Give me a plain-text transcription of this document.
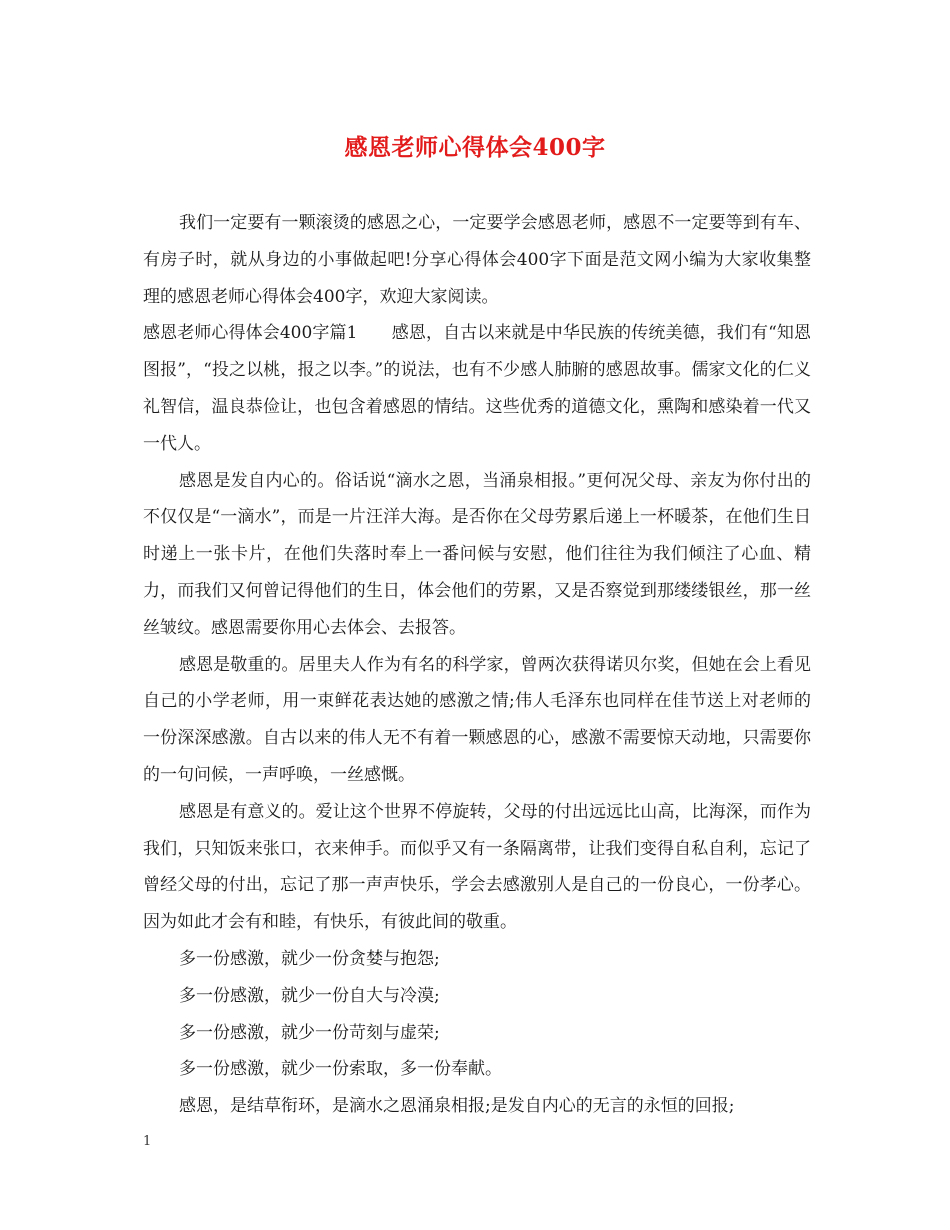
感恩老师心得体会400字

我们一定要有一颗滚烫的感恩之心，一定要学会感恩老师，感恩不一定要等到有车、有房子时，就从身边的小事做起吧!分享心得体会400字下面是范文网小编为大家收集整理的感恩老师心得体会400字，欢迎大家阅读。

感恩老师心得体会400字篇1　　感恩，自古以来就是中华民族的传统美德，我们有“知恩图报”，“投之以桃，报之以李。”的说法，也有不少感人肺腑的感恩故事。儒家文化的仁义礼智信，温良恭俭让，也包含着感恩的情结。这些优秀的道德文化，熏陶和感染着一代又一代人。

感恩是发自内心的。俗话说“滴水之恩，当涌泉相报。”更何况父母、亲友为你付出的不仅仅是“一滴水”，而是一片汪洋大海。是否你在父母劳累后递上一杯暖茶，在他们生日时递上一张卡片，在他们失落时奉上一番问候与安慰，他们往往为我们倾注了心血、精力，而我们又何曾记得他们的生日，体会他们的劳累，又是否察觉到那缕缕银丝，那一丝丝皱纹。感恩需要你用心去体会、去报答。

感恩是敬重的。居里夫人作为有名的科学家，曾两次获得诺贝尔奖，但她在会上看见自己的小学老师，用一束鲜花表达她的感激之情;伟人毛泽东也同样在佳节送上对老师的一份深深感激。自古以来的伟人无不有着一颗感恩的心，感激不需要惊天动地，只需要你的一句问候，一声呼唤，一丝感慨。

感恩是有意义的。爱让这个世界不停旋转，父母的付出远远比山高，比海深，而作为我们，只知饭来张口，衣来伸手。而似乎又有一条隔离带，让我们变得自私自利，忘记了曾经父母的付出，忘记了那一声声快乐，学会去感激别人是自己的一份良心，一份孝心。因为如此才会有和睦，有快乐，有彼此间的敬重。

多一份感激，就少一份贪婪与抱怨;

多一份感激，就少一份自大与冷漠;

多一份感激，就少一份苛刻与虚荣;

多一份感激，就少一份索取，多一份奉献。

感恩，是结草衔环，是滴水之恩涌泉相报;是发自内心的无言的永恒的回报;

1
